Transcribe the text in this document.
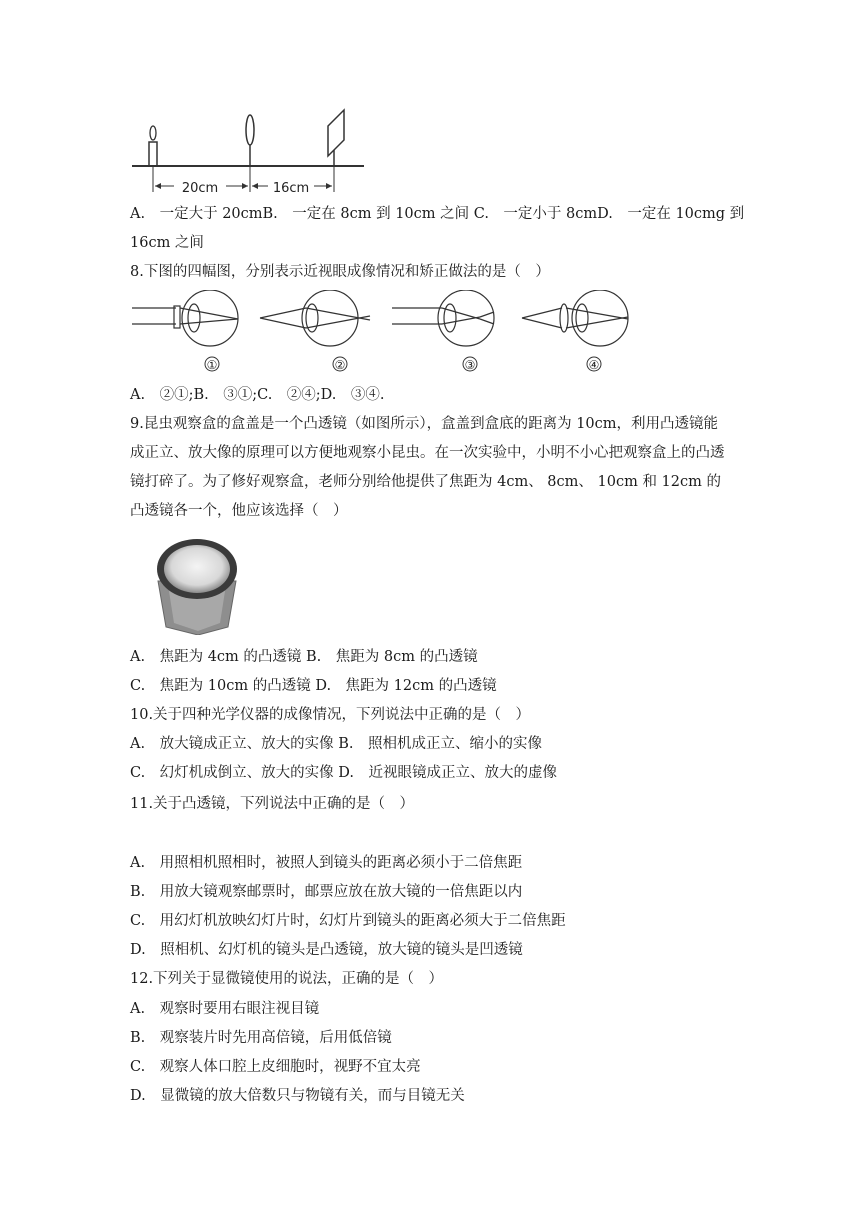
20cm	16cm
A.　一定大于 20cmB.　一定在 8cm 到 10cm 之间 C.　一定小于 8cmD.　一定在 10cmg 到
16cm 之间
8.下图的四幅图，分别表示近视眼成像情况和矫正做法的是（　）
①	②	③	④
A.　②①;B.　③①;C.　②④;D.　③④.
9.昆虫观察盒的盒盖是一个凸透镜（如图所示），盒盖到盒底的距离为 10cm，利用凸透镜能成正立、放大像的原理可以方便地观察小昆虫。在一次实验中，小明不小心把观察盒上的凸透镜打碎了。为了修好观察盒，老师分别给他提供了焦距为 4cm、 8cm、 10cm 和 12cm 的凸透镜各一个，他应该选择（　）
A.　焦距为 4cm 的凸透镜 B.　焦距为 8cm 的凸透镜
C.　焦距为 10cm 的凸透镜 D.　焦距为 12cm 的凸透镜
10.关于四种光学仪器的成像情况，下列说法中正确的是（　）
A.　放大镜成正立、放大的实像 B.　照相机成正立、缩小的实像
C.　幻灯机成倒立、放大的实像 D.　近视眼镜成正立、放大的虚像
11.关于凸透镜，下列说法中正确的是（　）
A.　用照相机照相时，被照人到镜头的距离必须小于二倍焦距
B.　用放大镜观察邮票时，邮票应放在放大镜的一倍焦距以内
C.　用幻灯机放映幻灯片时，幻灯片到镜头的距离必须大于二倍焦距
D.　照相机、幻灯机的镜头是凸透镜，放大镜的镜头是凹透镜
12.下列关于显微镜使用的说法，正确的是（　）
A.　观察时要用右眼注视目镜
B.　观察装片时先用高倍镜，后用低倍镜
C.　观察人体口腔上皮细胞时，视野不宜太亮
D.　显微镜的放大倍数只与物镜有关，而与目镜无关
